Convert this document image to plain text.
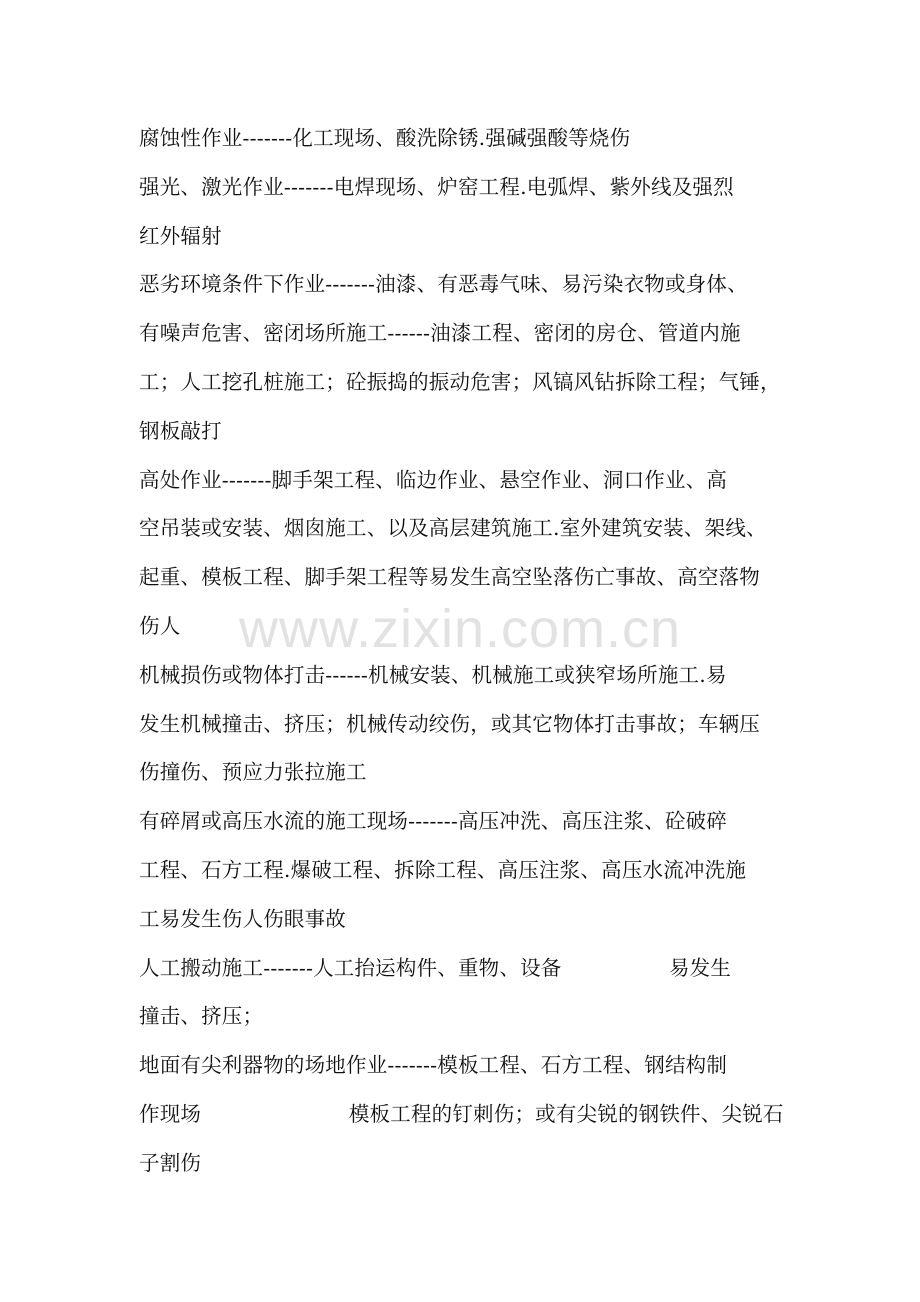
www.zixin.com.cn
腐蚀性作业-------化工现场、酸洗除锈.强碱强酸等烧伤
强光、激光作业-------电焊现场、炉窑工程.电弧焊、紫外线及强烈
红外辐射
恶劣环境条件下作业-------油漆、有恶毒气味、易污染衣物或身体、
有噪声危害、密闭场所施工------油漆工程、密闭的房仓、管道内施
工；人工挖孔桩施工；砼振捣的振动危害；风镐风钻拆除工程；气锤，
钢板敲打
高处作业-------脚手架工程、临边作业、悬空作业、洞口作业、高
空吊装或安装、烟囱施工、以及高层建筑施工.室外建筑安装、架线、
起重、模板工程、脚手架工程等易发生高空坠落伤亡事故、高空落物
伤人
机械损伤或物体打击------机械安装、机械施工或狭窄场所施工.易
发生机械撞击、挤压；机械传动绞伤，或其它物体打击事故；车辆压
伤撞伤、预应力张拉施工
有碎屑或高压水流的施工现场-------高压冲洗、高压注浆、砼破碎
工程、石方工程.爆破工程、拆除工程、高压注浆、高压水流冲洗施
工易发生伤人伤眼事故
人工搬动施工-------人工抬运构件、重物、设备                易发生
撞击、挤压；
地面有尖利器物的场地作业-------模板工程、石方工程、钢结构制
作现场                      模板工程的钉刺伤；或有尖锐的钢铁件、尖锐石
子割伤
